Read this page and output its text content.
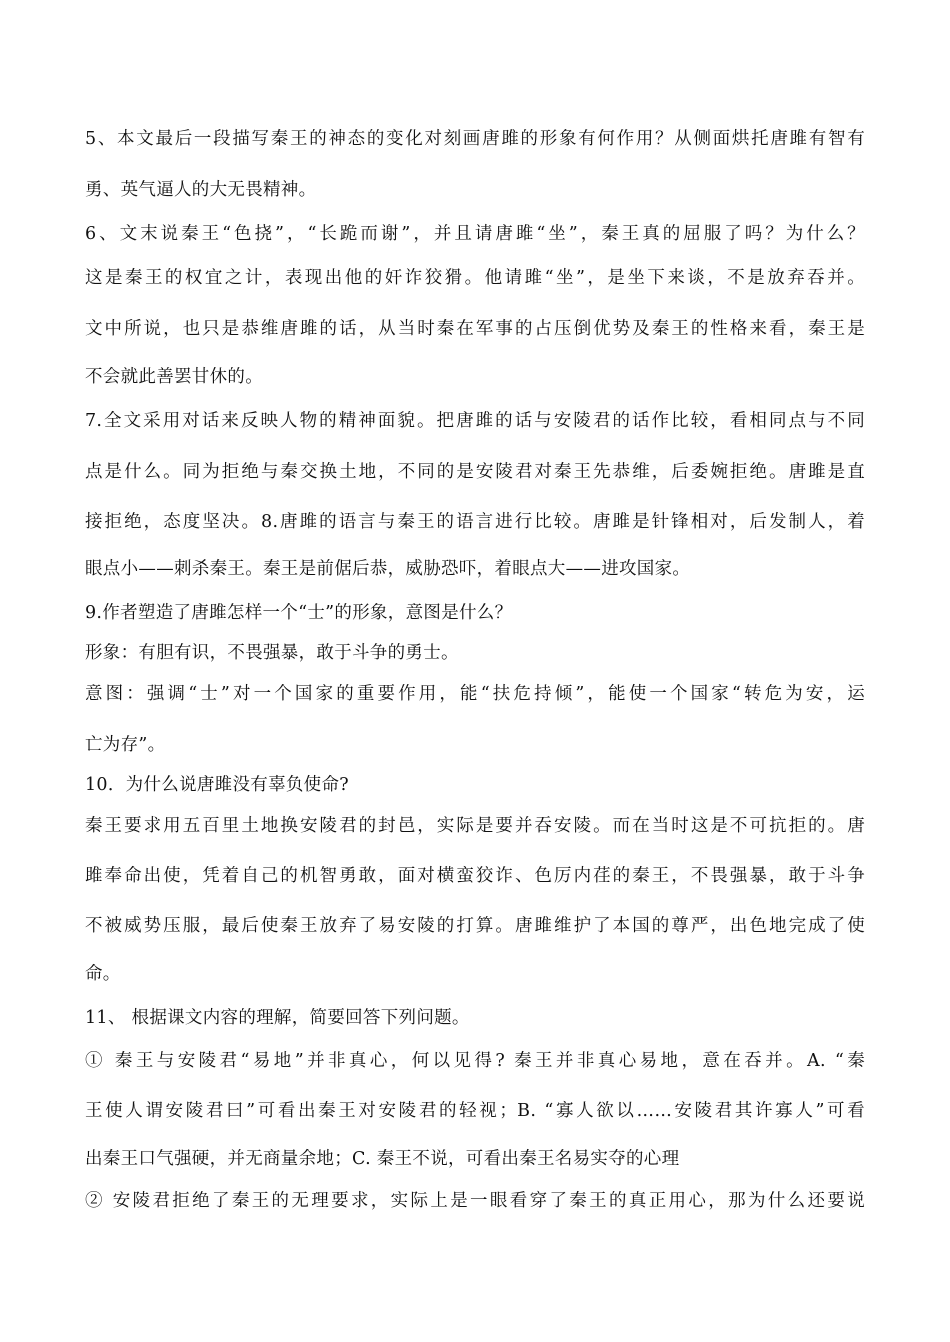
5、本文最后一段描写秦王的神态的变化对刻画唐雎的形象有何作用？从侧面烘托唐雎有智有
勇、英气逼人的大无畏精神。
6、文末说秦王“色挠”，“长跪而谢”，并且请唐雎“坐”，秦王真的屈服了吗？为什么？
这是秦王的权宜之计，表现出他的奸诈狡猾。他请雎“坐”，是坐下来谈，不是放弃吞并。
文中所说，也只是恭维唐雎的话，从当时秦在军事的占压倒优势及秦王的性格来看，秦王是
不会就此善罢甘休的。
7.全文采用对话来反映人物的精神面貌。把唐雎的话与安陵君的话作比较，看相同点与不同
点是什么。同为拒绝与秦交换土地，不同的是安陵君对秦王先恭维，后委婉拒绝。唐雎是直
接拒绝，态度坚决。8.唐雎的语言与秦王的语言进行比较。唐雎是针锋相对，后发制人，着
眼点小——刺杀秦王。秦王是前倨后恭，威胁恐吓，着眼点大——进攻国家。
9.作者塑造了唐雎怎样一个“士”的形象，意图是什么？
形象：有胆有识，不畏强暴，敢于斗争的勇士。
意图：强调“士”对一个国家的重要作用，能“扶危持倾”，能使一个国家“转危为安，运
亡为存”。
10．为什么说唐雎没有辜负使命?
秦王要求用五百里土地换安陵君的封邑，实际是要并吞安陵。而在当时这是不可抗拒的。唐
雎奉命出使，凭着自己的机智勇敢，面对横蛮狡诈、色厉内荏的秦王，不畏强暴，敢于斗争
不被威势压服，最后使秦王放弃了易安陵的打算。唐雎维护了本国的尊严，出色地完成了使
命。
11、 根据课文内容的理解，简要回答下列问题。
① 秦王与安陵君“易地”并非真心，何以见得? 秦王并非真心易地，意在吞并。A. “秦
王使人谓安陵君曰”可看出秦王对安陵君的轻视；B. “寡人欲以……安陵君其许寡人”可看
出秦王口气强硬，并无商量余地；C. 秦王不说，可看出秦王名易实夺的心理
② 安陵君拒绝了秦王的无理要求，实际上是一眼看穿了秦王的真正用心，那为什么还要说
